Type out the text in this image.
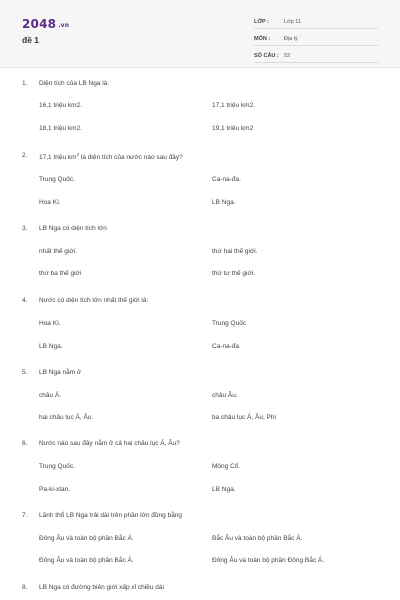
2048 .vn
đề 1
LỚP :	Lớp 11
MÔN :	Địa lý
SỐ CÂU : 52
1.	Diện tích của LB Nga là:
16,1 triệu km2.	17,1 triệu km2.
18,1 triệu km2.	19,1 triệu km2
2.	17,1 triệu $km^2$ là diện tích của nước nào sau đây?
Trung Quốc.	Ca-na-đa.
Hoa Kì.	LB Nga.
3.	LB Nga có diện tích lớn
nhất thế giới.	thứ hai thế giới.
thứ ba thế giới	thứ tư thế giới.
4.	Nước có diện tích lớn nhất thế giới là:
Hoa Kì.	Trung Quốc
LB Nga.	Ca-na-đa
5.	LB Nga nằm ở
châu Á.	châu Âu.
hai châu lục Á, Âu.	ba châu lục Á, Âu, Phi
6.	Nước nào sau đây nằm ở cả hai châu lục Á, Âu?
Trung Quốc.	Mông Cổ.
Pa-ki-xtan.	LB Nga.
7.	Lãnh thổ LB Nga trải dài trên phần lớn đồng bằng
Đông Âu và toàn bộ phần Bắc Á.	Bắc Âu và toàn bộ phần Bắc Á.
Đông Âu và toàn bộ phần Bắc Á.	Đông Âu và toàn bộ phần Đông Bắc Á.
8.	LB Nga có đường biên giới xấp xỉ chiều dài
